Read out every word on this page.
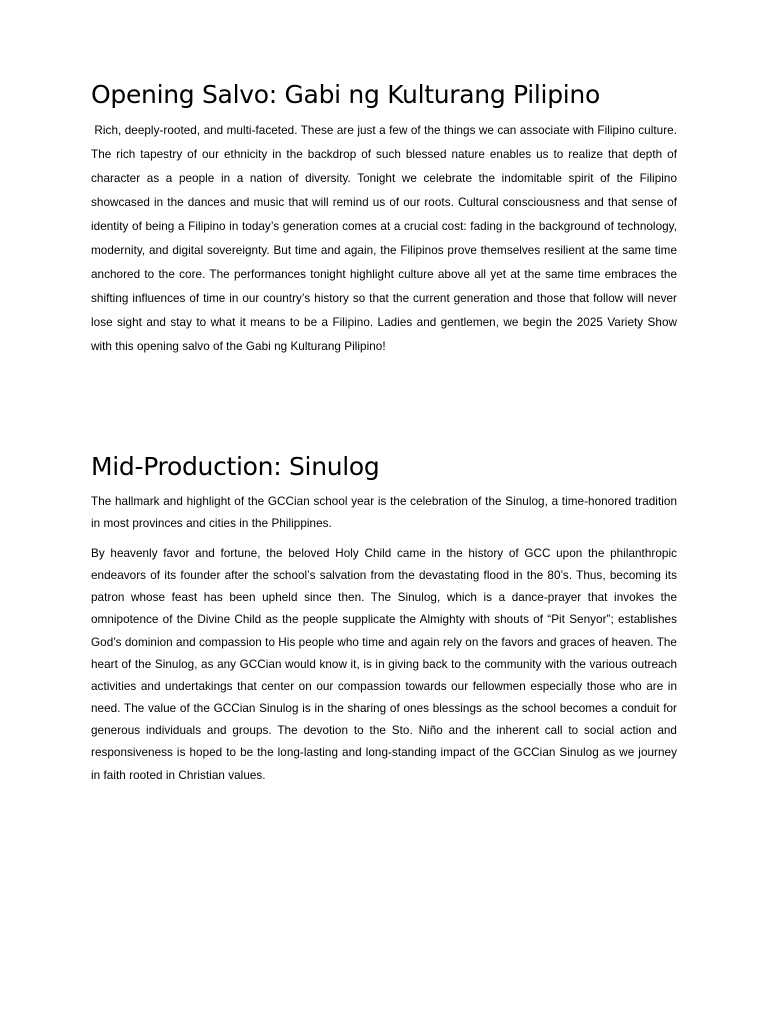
Opening Salvo: Gabi ng Kulturang Pilipino

Rich, deeply-rooted, and multi-faceted. These are just a few of the things we can associate with Filipino culture. The rich tapestry of our ethnicity in the backdrop of such blessed nature enables us to realize that depth of character as a people in a nation of diversity. Tonight we celebrate the indomitable spirit of the Filipino showcased in the dances and music that will remind us of our roots. Cultural consciousness and that sense of identity of being a Filipino in today’s generation comes at a crucial cost: fading in the background of technology, modernity, and digital sovereignty. But time and again, the Filipinos prove themselves resilient at the same time anchored to the core. The performances tonight highlight culture above all yet at the same time embraces the shifting influences of time in our country’s history so that the current generation and those that follow will never lose sight and stay to what it means to be a Filipino. Ladies and gentlemen, we begin the 2025 Variety Show with this opening salvo of the Gabi ng Kulturang Pilipino!

Mid-Production: Sinulog

The hallmark and highlight of the GCCian school year is the celebration of the Sinulog, a time-honored tradition in most provinces and cities in the Philippines.

By heavenly favor and fortune, the beloved Holy Child came in the history of GCC upon the philanthropic endeavors of its founder after the school’s salvation from the devastating flood in the 80’s. Thus, becoming its patron whose feast has been upheld since then. The Sinulog, which is a dance-prayer that invokes the omnipotence of the Divine Child as the people supplicate the Almighty with shouts of “Pit Senyor”; establishes God’s dominion and compassion to His people who time and again rely on the favors and graces of heaven. The heart of the Sinulog, as any GCCian would know it, is in giving back to the community with the various outreach activities and undertakings that center on our compassion towards our fellowmen especially those who are in need. The value of the GCCian Sinulog is in the sharing of ones blessings as the school becomes a conduit for generous individuals and groups. The devotion to the Sto. Niño and the inherent call to social action and responsiveness is hoped to be the long-lasting and long-standing impact of the GCCian Sinulog as we journey in faith rooted in Christian values.
